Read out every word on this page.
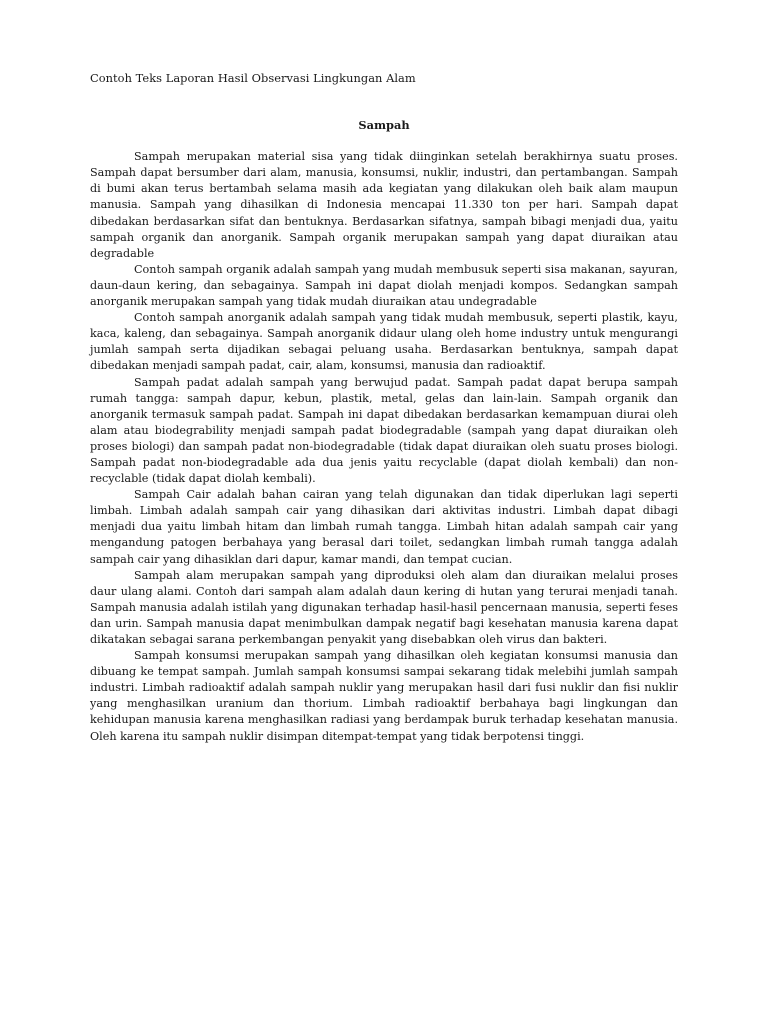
Contoh Teks Laporan Hasil Observasi Lingkungan Alam

Sampah

Sampah merupakan material sisa yang tidak diinginkan setelah berakhirnya suatu proses. Sampah dapat bersumber dari alam, manusia, konsumsi, nuklir, industri, dan pertambangan. Sampah di bumi akan terus bertambah selama masih ada kegiatan yang dilakukan oleh baik alam maupun manusia. Sampah yang dihasilkan di Indonesia mencapai 11.330 ton per hari. Sampah dapat dibedakan berdasarkan sifat dan bentuknya. Berdasarkan sifatnya, sampah bibagi menjadi dua, yaitu sampah organik dan anorganik. Sampah organik merupakan sampah yang dapat diuraikan atau degradable

Contoh sampah organik adalah sampah yang mudah membusuk seperti sisa makanan, sayuran, daun-daun kering, dan sebagainya. Sampah ini dapat diolah menjadi kompos. Sedangkan sampah anorganik merupakan sampah yang tidak mudah diuraikan atau undegradable

Contoh sampah anorganik adalah sampah yang tidak mudah membusuk, seperti plastik, kayu, kaca, kaleng, dan sebagainya. Sampah anorganik didaur ulang oleh home industry untuk mengurangi jumlah sampah serta dijadikan sebagai peluang usaha. Berdasarkan bentuknya, sampah dapat dibedakan menjadi sampah padat, cair, alam, konsumsi, manusia dan radioaktif.

Sampah padat adalah sampah yang berwujud padat. Sampah padat dapat berupa sampah rumah tangga: sampah dapur, kebun, plastik, metal, gelas dan lain-lain. Sampah organik dan anorganik termasuk sampah padat. Sampah ini dapat dibedakan berdasarkan kemampuan diurai oleh alam atau biodegrability menjadi sampah padat biodegradable (sampah yang dapat diuraikan oleh proses biologi) dan sampah padat non-biodegradable (tidak dapat diuraikan oleh suatu proses biologi. Sampah padat non-biodegradable ada dua jenis yaitu recyclable (dapat diolah kembali) dan non-recyclable (tidak dapat diolah kembali).

Sampah Cair adalah bahan cairan yang telah digunakan dan tidak diperlukan lagi seperti limbah. Limbah adalah sampah cair yang dihasikan dari aktivitas industri. Limbah dapat dibagi menjadi dua yaitu limbah hitam dan limbah rumah tangga. Limbah hitan adalah sampah cair yang mengandung patogen berbahaya yang berasal dari toilet, sedangkan limbah rumah tangga adalah sampah cair yang dihasiklan dari dapur, kamar mandi, dan tempat cucian.

Sampah alam merupakan sampah yang diproduksi oleh alam dan diuraikan melalui proses daur ulang alami. Contoh dari sampah alam adalah daun kering di hutan yang terurai menjadi tanah. Sampah manusia adalah istilah yang digunakan terhadap hasil-hasil pencernaan manusia, seperti feses dan urin. Sampah manusia dapat menimbulkan dampak negatif bagi kesehatan manusia karena dapat dikatakan sebagai sarana perkembangan penyakit yang disebabkan oleh virus dan bakteri.

Sampah konsumsi merupakan sampah yang dihasilkan oleh kegiatan konsumsi manusia dan dibuang ke tempat sampah. Jumlah sampah konsumsi sampai sekarang tidak melebihi jumlah sampah industri. Limbah radioaktif adalah sampah nuklir yang merupakan hasil dari fusi nuklir dan fisi nuklir yang menghasilkan uranium dan thorium. Limbah radioaktif berbahaya bagi lingkungan dan kehidupan manusia karena menghasilkan radiasi yang berdampak buruk terhadap kesehatan manusia. Oleh karena itu sampah nuklir disimpan ditempat-tempat yang tidak berpotensi tinggi.
